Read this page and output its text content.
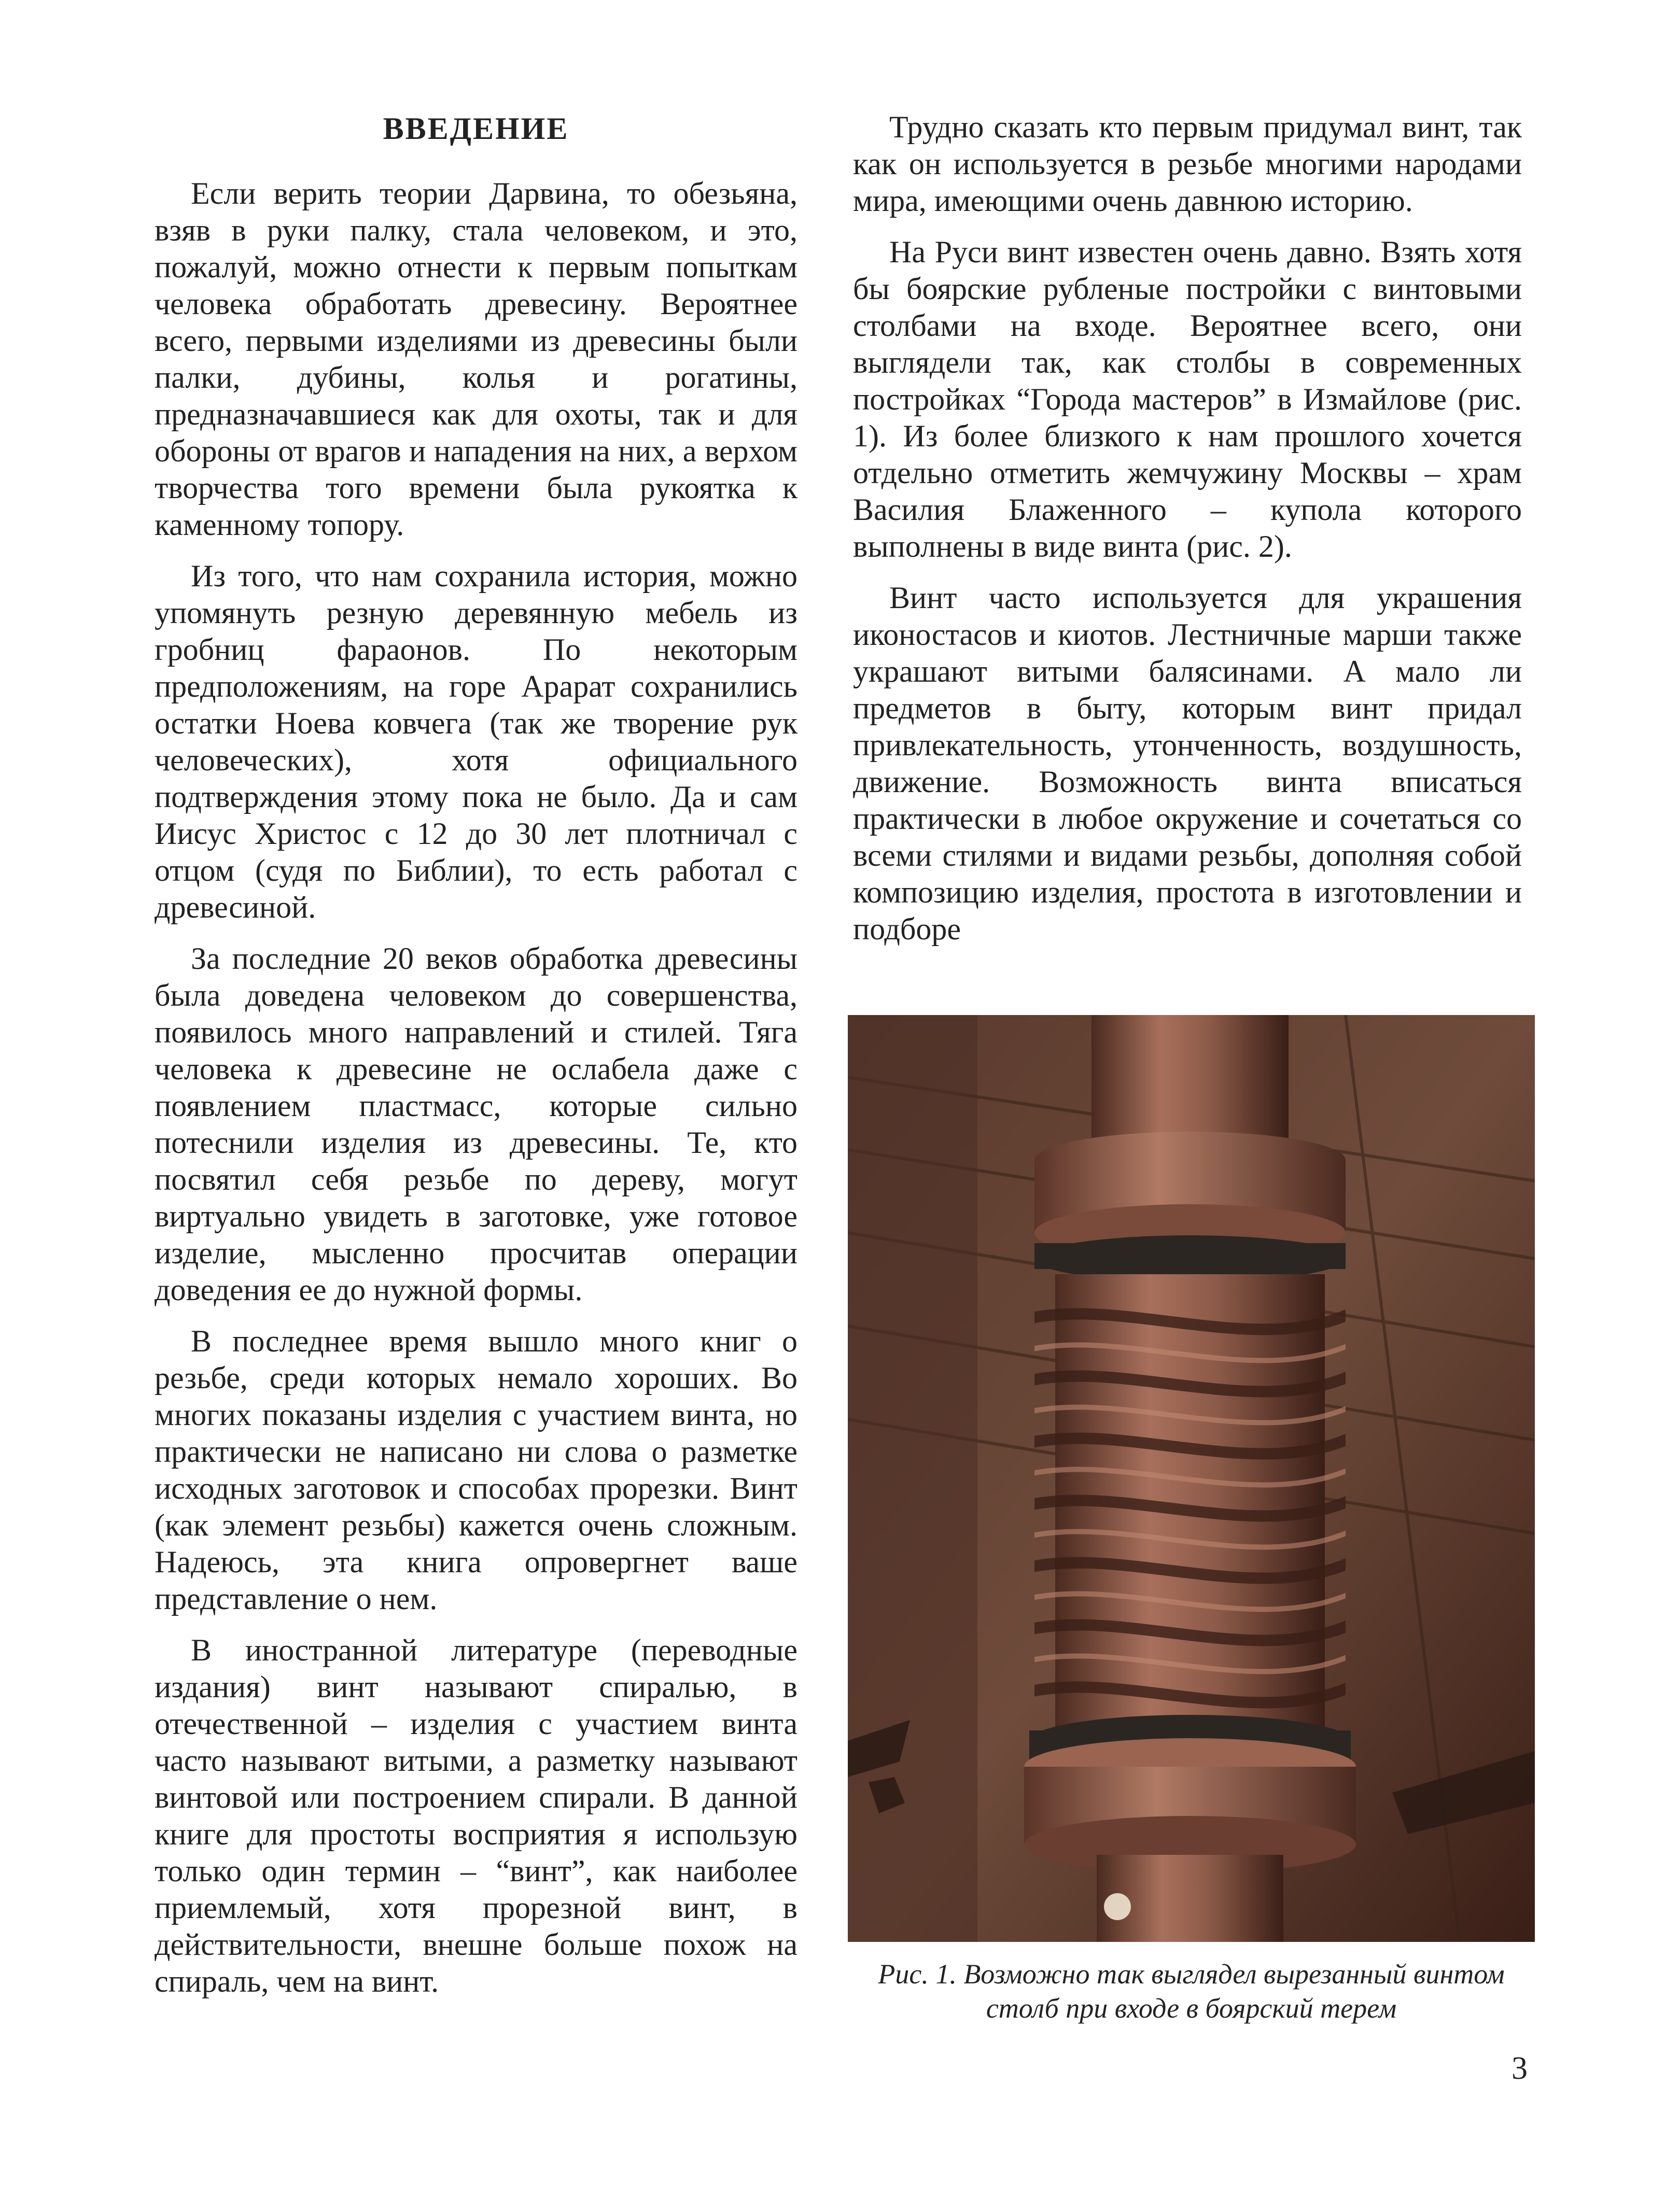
ВВЕДЕНИЕ

Если верить теории Дарвина, то обезьяна, взяв в руки палку, стала человеком, и это, пожалуй, можно отнести к первым попыткам человека обработать древесину. Вероятнее всего, первыми изделиями из древесины были палки, дубины, колья и рогатины, предназначавшиеся как для охоты, так и для обороны от врагов и нападения на них, а верхом творчества того времени была рукоятка к каменному топору.

Из того, что нам сохранила история, можно упомянуть резную деревянную мебель из гробниц фараонов. По некоторым предположениям, на горе Арарат сохранились остатки Ноева ковчега (так же творение рук человеческих), хотя официального подтверждения этому пока не было. Да и сам Иисус Христос с 12 до 30 лет плотничал с отцом (судя по Библии), то есть работал с древесиной.

За последние 20 веков обработка древесины была доведена человеком до совершенства, появилось много направлений и стилей. Тяга человека к древесине не ослабела даже с появлением пластмасс, которые сильно потеснили изделия из древесины. Те, кто посвятил себя резьбе по дереву, могут виртуально увидеть в заготовке, уже готовое изделие, мысленно просчитав операции доведения ее до нужной формы.

В последнее время вышло много книг о резьбе, среди которых немало хороших. Во многих показаны изделия с участием винта, но практически не написано ни слова о разметке исходных заготовок и способах прорезки. Винт (как элемент резьбы) кажется очень сложным. Надеюсь, эта книга опровергнет ваше представление о нем.

В иностранной литературе (переводные издания) винт называют спиралью, в отечественной – изделия с участием винта часто называют витыми, а разметку называют винтовой или построением спирали. В данной книге для простоты восприятия я использую только один термин – “винт”, как наиболее приемлемый, хотя прорезной винт, в действительности, внешне больше похож на спираль, чем на винт.

Трудно сказать кто первым придумал винт, так как он используется в резьбе многими народами мира, имеющими очень давнюю историю.

На Руси винт известен очень давно. Взять хотя бы боярские рубленые постройки с винтовыми столбами на входе. Вероятнее всего, они выглядели так, как столбы в современных постройках “Города мастеров” в Измайлове (рис. 1). Из более близкого к нам прошлого хочется отдельно отметить жемчужину Москвы – храм Василия Блаженного – купола которого выполнены в виде винта (рис. 2).

Винт часто используется для украшения иконостасов и киотов. Лестничные марши также украшают витыми балясинами. А мало ли предметов в быту, которым винт придал привлекательность, утонченность, воздушность, движение. Возможность винта вписаться практически в любое окружение и сочетаться со всеми стилями и видами резьбы, дополняя собой композицию изделия, простота в изготовлении и подборе

Рис. 1. Возможно так выглядел вырезанный винтом столб при входе в боярский терем
3
